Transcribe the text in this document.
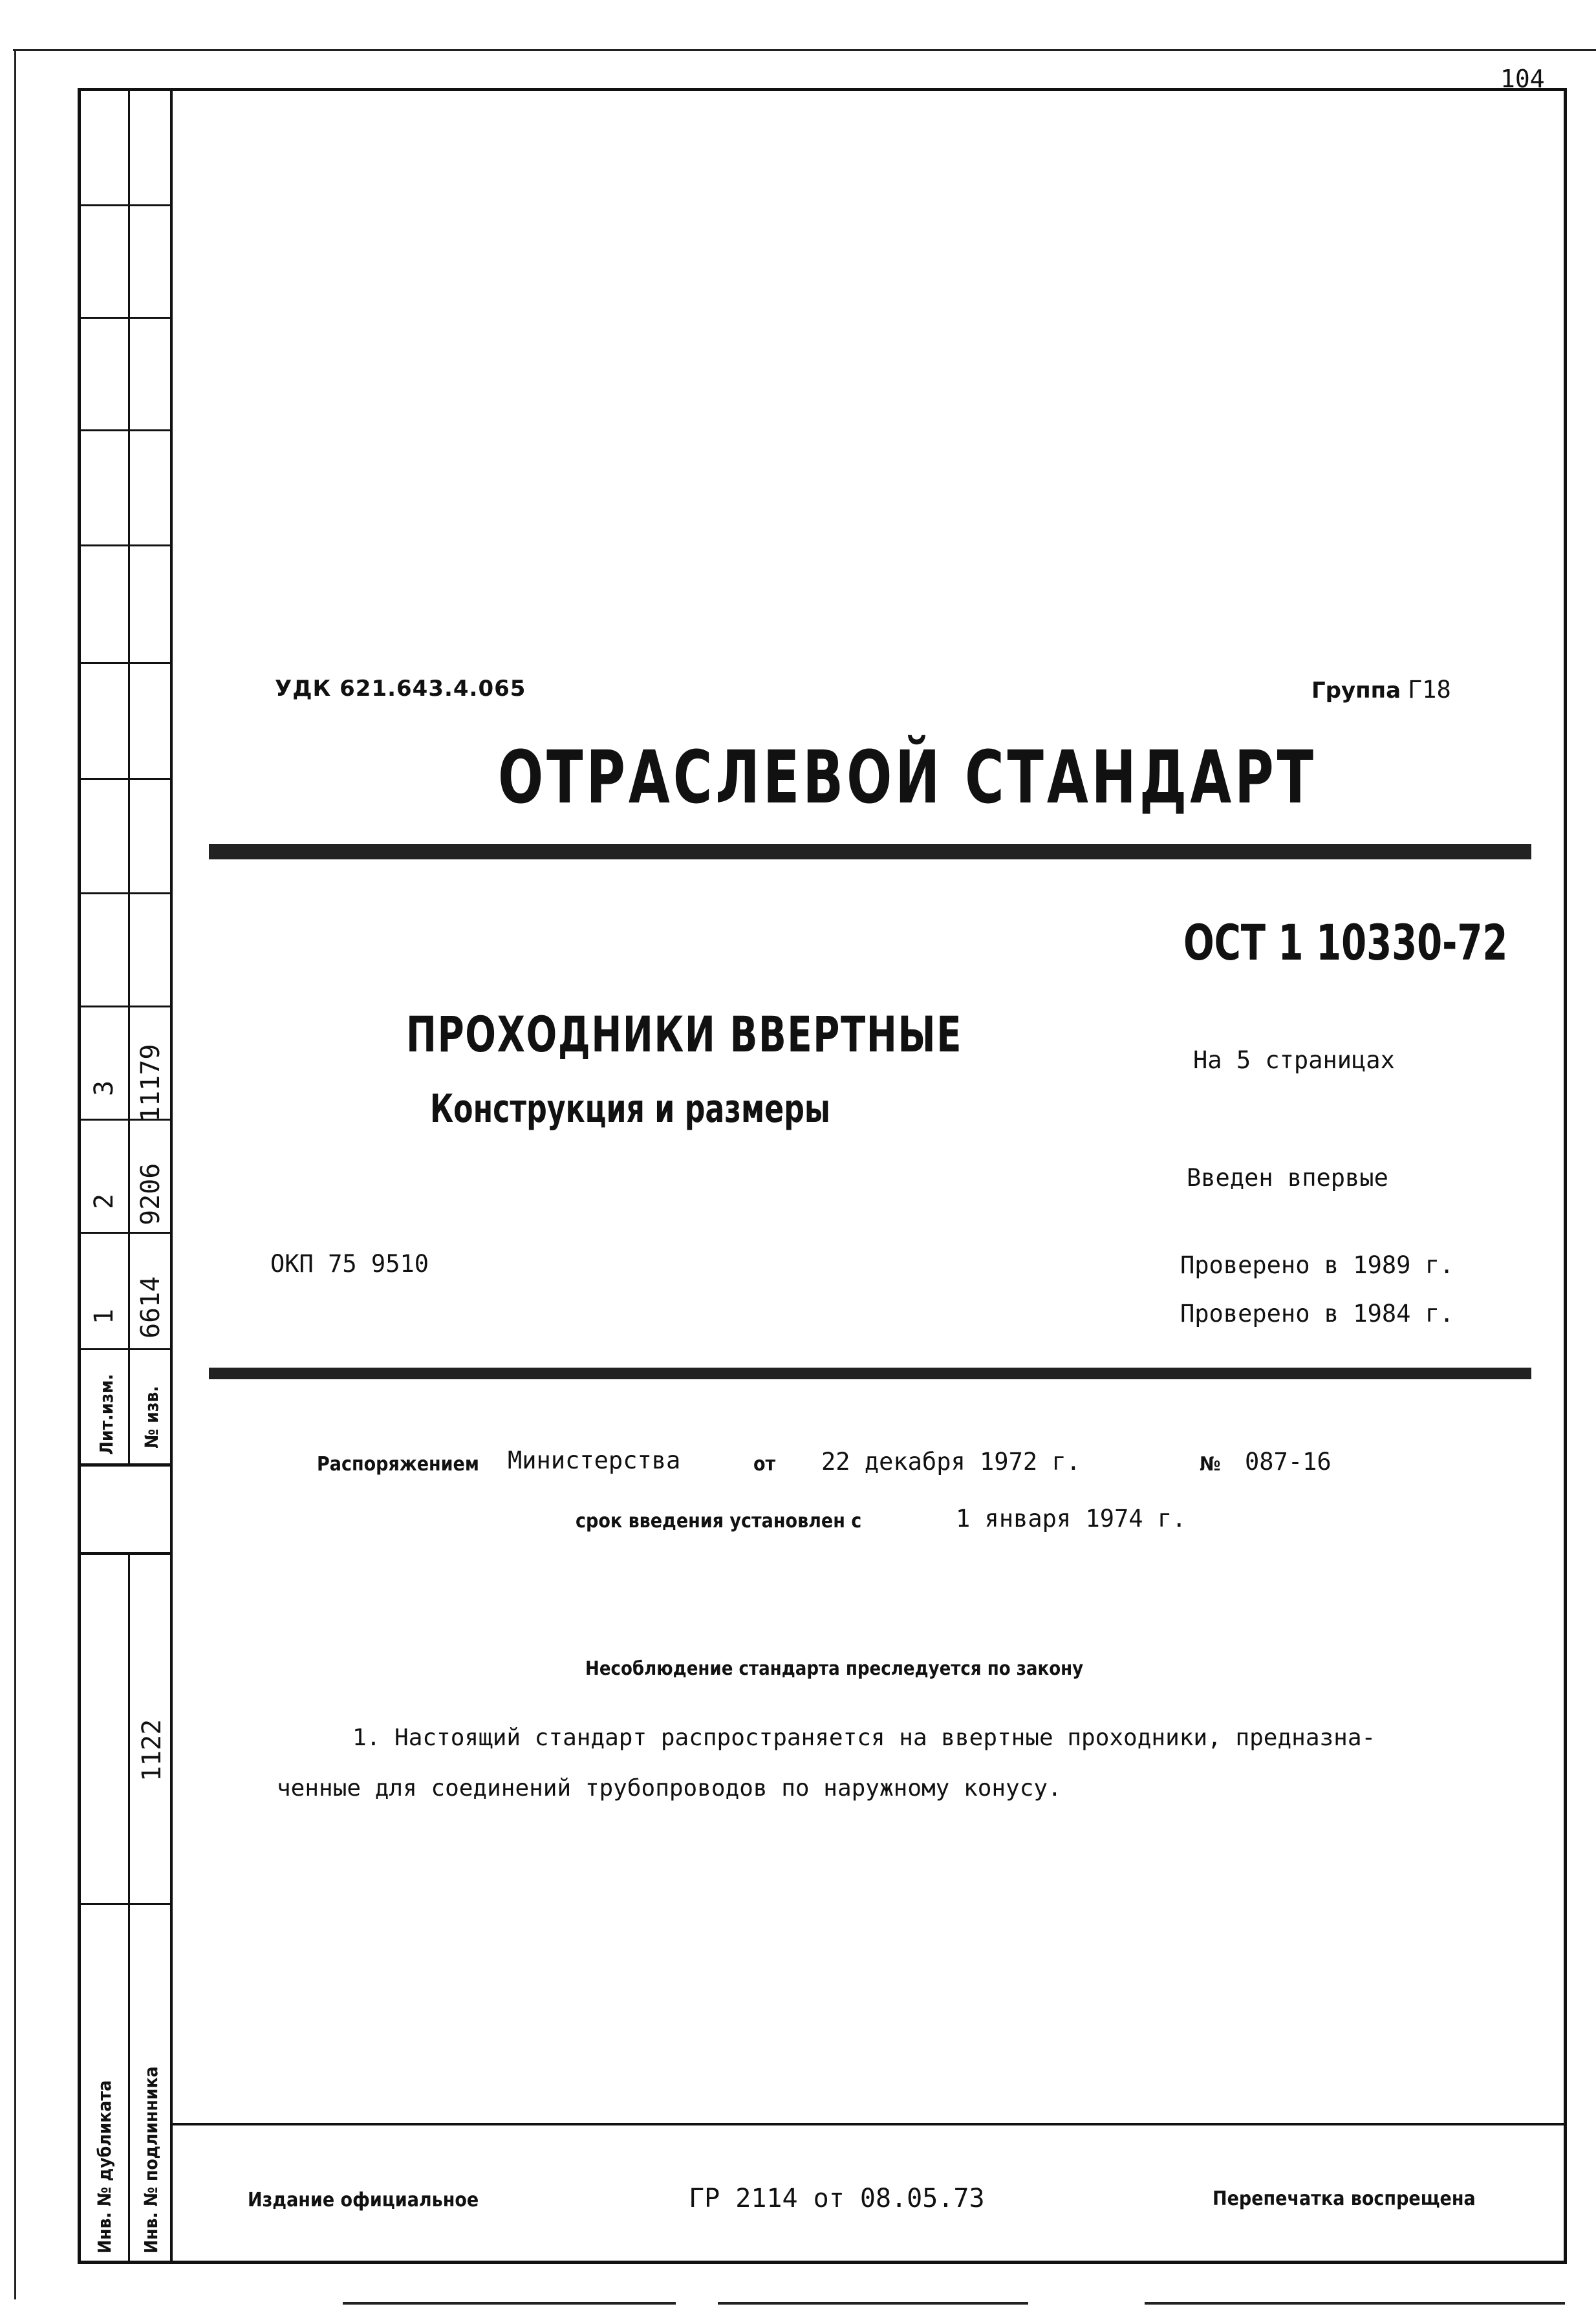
104
3 11179
2 9206
1 6614
Лит.изм. № изв.
1122
Инв. № дубликата Инв. № подлинника
УДК 621.643.4.065	Группа Г18
ОТРАСЛЕВОЙ СТАНДАРТ
ОСТ 1 10330-72
ПРОХОДНИКИ ВВЕРТНЫЕ
Конструкция и размеры
ОКП 75 9510
На 5 страницах
Введен впервые
Проверено в 1989 г.
Проверено в 1984 г.
Распоряжением Министерства	от 22 декабря 1972 г.	№ 087-16
срок введения установлен с	1 января 1974 г.
Несоблюдение стандарта преследуется по закону
1. Настоящий стандарт распространяется на ввертные проходники, предназна-
ченные для соединений трубопроводов по наружному конусу.
Издание официальное	ГР 2114 от 08.05.73	Перепечатка воспрещена
